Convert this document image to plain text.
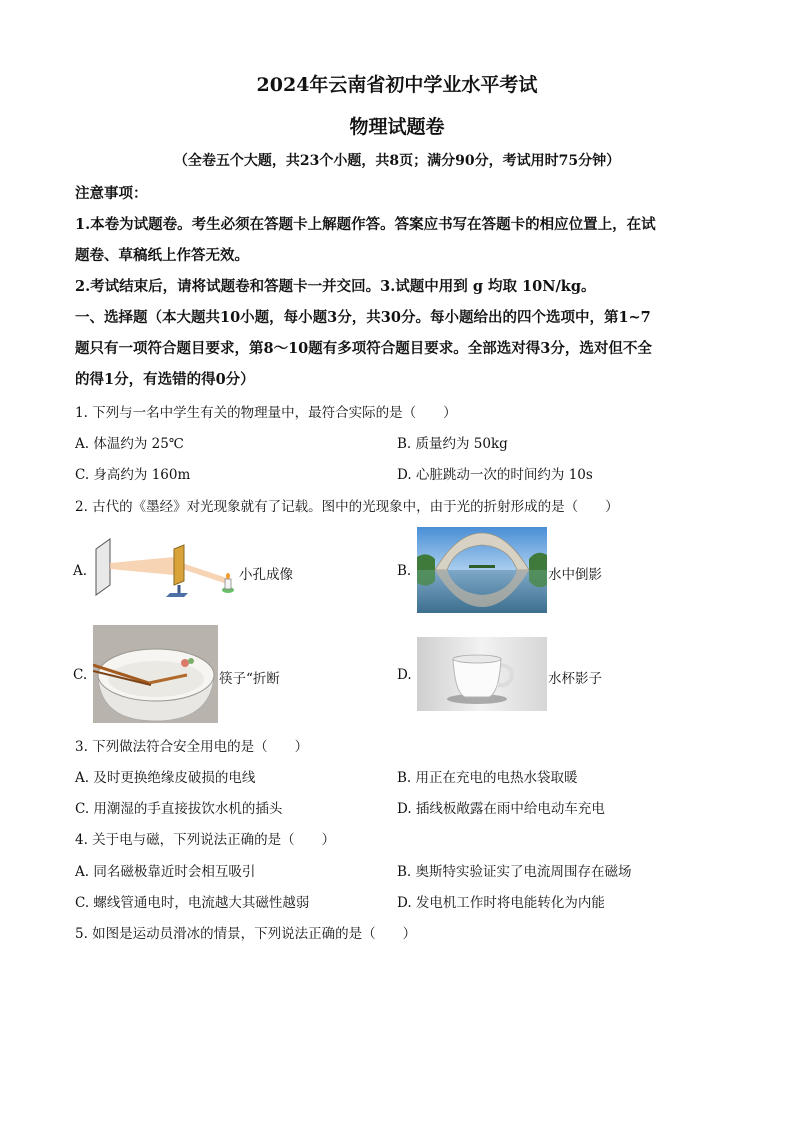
2024年云南省初中学业水平考试
物理试题卷
（全卷五个大题，共23个小题，共8页；满分90分，考试用时75分钟）
注意事项：
1.本卷为试题卷。考生必须在答题卡上解题作答。答案应书写在答题卡的相应位置上，在试
题卷、草稿纸上作答无效。
2.考试结束后，请将试题卷和答题卡一并交回。3.试题中用到 g 均取 10N/kg。
一、选择题（本大题共10小题，每小题3分，共30分。每小题给出的四个选项中，第1~7
题只有一项符合题目要求，第8～10题有多项符合题目要求。全部选对得3分，选对但不全
的得1分，有选错的得0分）
1. 下列与一名中学生有关的物理量中，最符合实际的是（　　）
A. 体温约为 25℃	B. 质量约为 50kg
C. 身高约为 160m	D. 心脏跳动一次的时间约为 10s
2. 古代的《墨经》对光现象就有了记载。图中的光现象中，由于光的折射形成的是（　　）
A.	小孔成像	B.	水中倒影
C.	筷子“折断	D.	水杯影子
3. 下列做法符合安全用电的是（　　）
A. 及时更换绝缘皮破损的电线	B. 用正在充电的电热水袋取暖
C. 用潮湿的手直接拔饮水机的插头	D. 插线板敞露在雨中给电动车充电
4. 关于电与磁，下列说法正确的是（　　）
A. 同名磁极靠近时会相互吸引	B. 奥斯特实验证实了电流周围存在磁场
C. 螺线管通电时，电流越大其磁性越弱	D. 发电机工作时将电能转化为内能
5. 如图是运动员滑冰的情景，下列说法正确的是（　　）
